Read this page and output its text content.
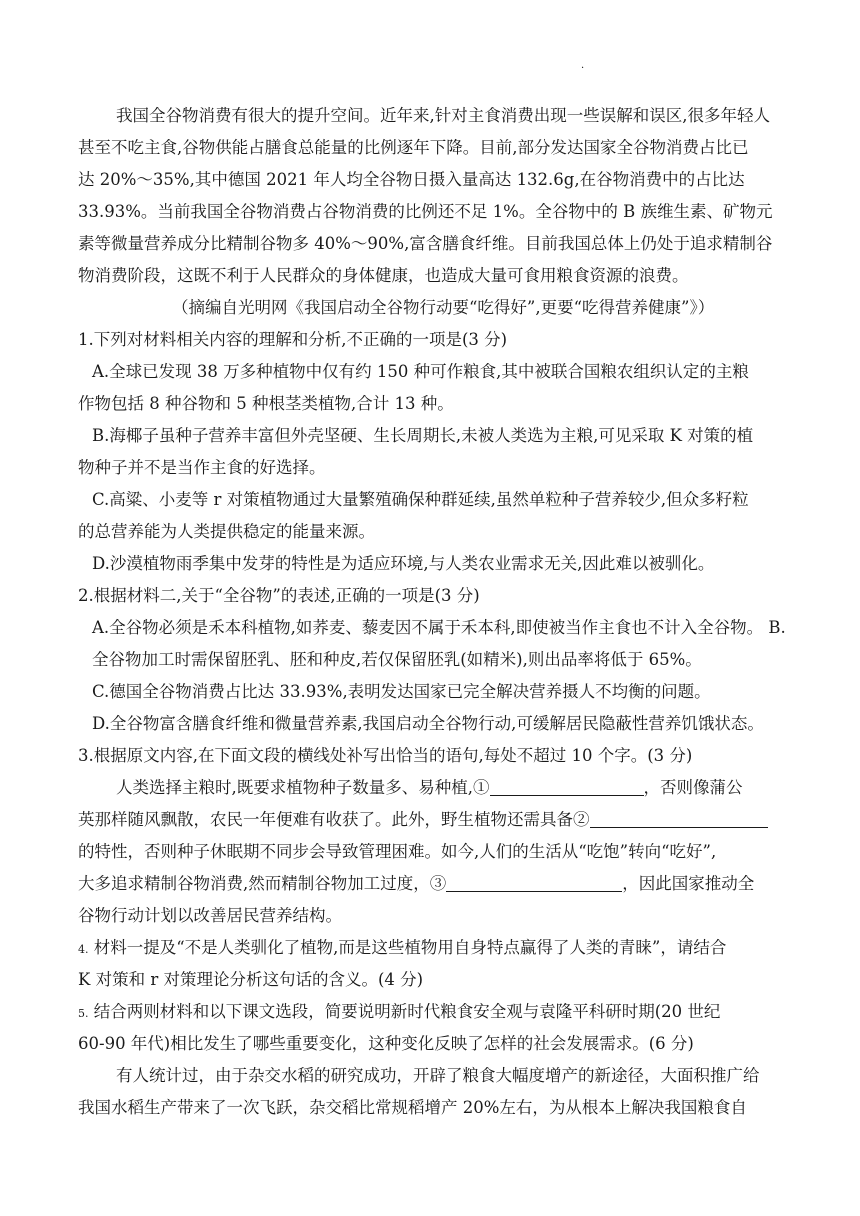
·
我国全谷物消费有很大的提升空间。近年来,针对主食消费出现一些误解和误区,很多年轻人
甚至不吃主食,谷物供能占膳食总能量的比例逐年下降。目前,部分发达国家全谷物消费占比已
达 20%～35%,其中德国 2021 年人均全谷物日摄入量高达 132.6g,在谷物消费中的占比达
33.93%。当前我国全谷物消费占谷物消费的比例还不足 1%。全谷物中的 B 族维生素、矿物元
素等微量营养成分比精制谷物多 40%～90%,富含膳食纤维。目前我国总体上仍处于追求精制谷
物消费阶段，这既不利于人民群众的身体健康，也造成大量可食用粮食资源的浪费。
（摘编自光明网《我国启动全谷物行动要“吃得好”,更要“吃得营养健康”》）
1.下列对材料相关内容的理解和分析,不正确的一项是(3 分)
A.全球已发现 38 万多种植物中仅有约 150 种可作粮食,其中被联合国粮农组织认定的主粮
作物包括 8 种谷物和 5 种根茎类植物,合计 13 种。
B.海椰子虽种子营养丰富但外壳坚硬、生长周期长,未被人类选为主粮,可见采取 K 对策的植
物种子并不是当作主食的好选择。
C.高粱、小麦等 r 对策植物通过大量繁殖确保种群延续,虽然单粒种子营养较少,但众多籽粒
的总营养能为人类提供稳定的能量来源。
D.沙漠植物雨季集中发芽的特性是为适应环境,与人类农业需求无关,因此难以被驯化。
2.根据材料二,关于“全谷物”的表述,正确的一项是(3 分)
A.全谷物必须是禾本科植物,如荞麦、藜麦因不属于禾本科,即使被当作主食也不计入全谷物。 B.
全谷物加工时需保留胚乳、胚和种皮,若仅保留胚乳(如精米),则出品率将低于 65%。
C.德国全谷物消费占比达 33.93%,表明发达国家已完全解决营养摄人不均衡的问题。
D.全谷物富含膳食纤维和微量营养素,我国启动全谷物行动,可缓解居民隐蔽性营养饥饿状态。
3.根据原文内容,在下面文段的横线处补写出恰当的语句,每处不超过 10 个字。(3 分)
人类选择主粮时,既要求植物种子数量多、易种植,①	，否则像蒲公
英那样随风飘散，农民一年便难有收获了。此外，野生植物还需具备②
的特性，否则种子休眠期不同步会导致管理困难。如今,人们的生活从“吃饱”转向“吃好”,
大多追求精制谷物消费,然而精制谷物加工过度，③	，因此国家推动全
谷物行动计划以改善居民营养结构。
4. 材料一提及“不是人类驯化了植物,而是这些植物用自身特点赢得了人类的青睐”，请结合
K 对策和 r 对策理论分析这句话的含义。(4 分)
5. 结合两则材料和以下课文选段，简要说明新时代粮食安全观与袁隆平科研时期(20 世纪
60-90 年代)相比发生了哪些重要变化，这种变化反映了怎样的社会发展需求。(6 分)
有人统计过，由于杂交水稻的研究成功，开辟了粮食大幅度增产的新途径，大面积推广给
我国水稻生产带来了一次飞跃，杂交稻比常规稻增产 20%左右，为从根本上解决我国粮食自
